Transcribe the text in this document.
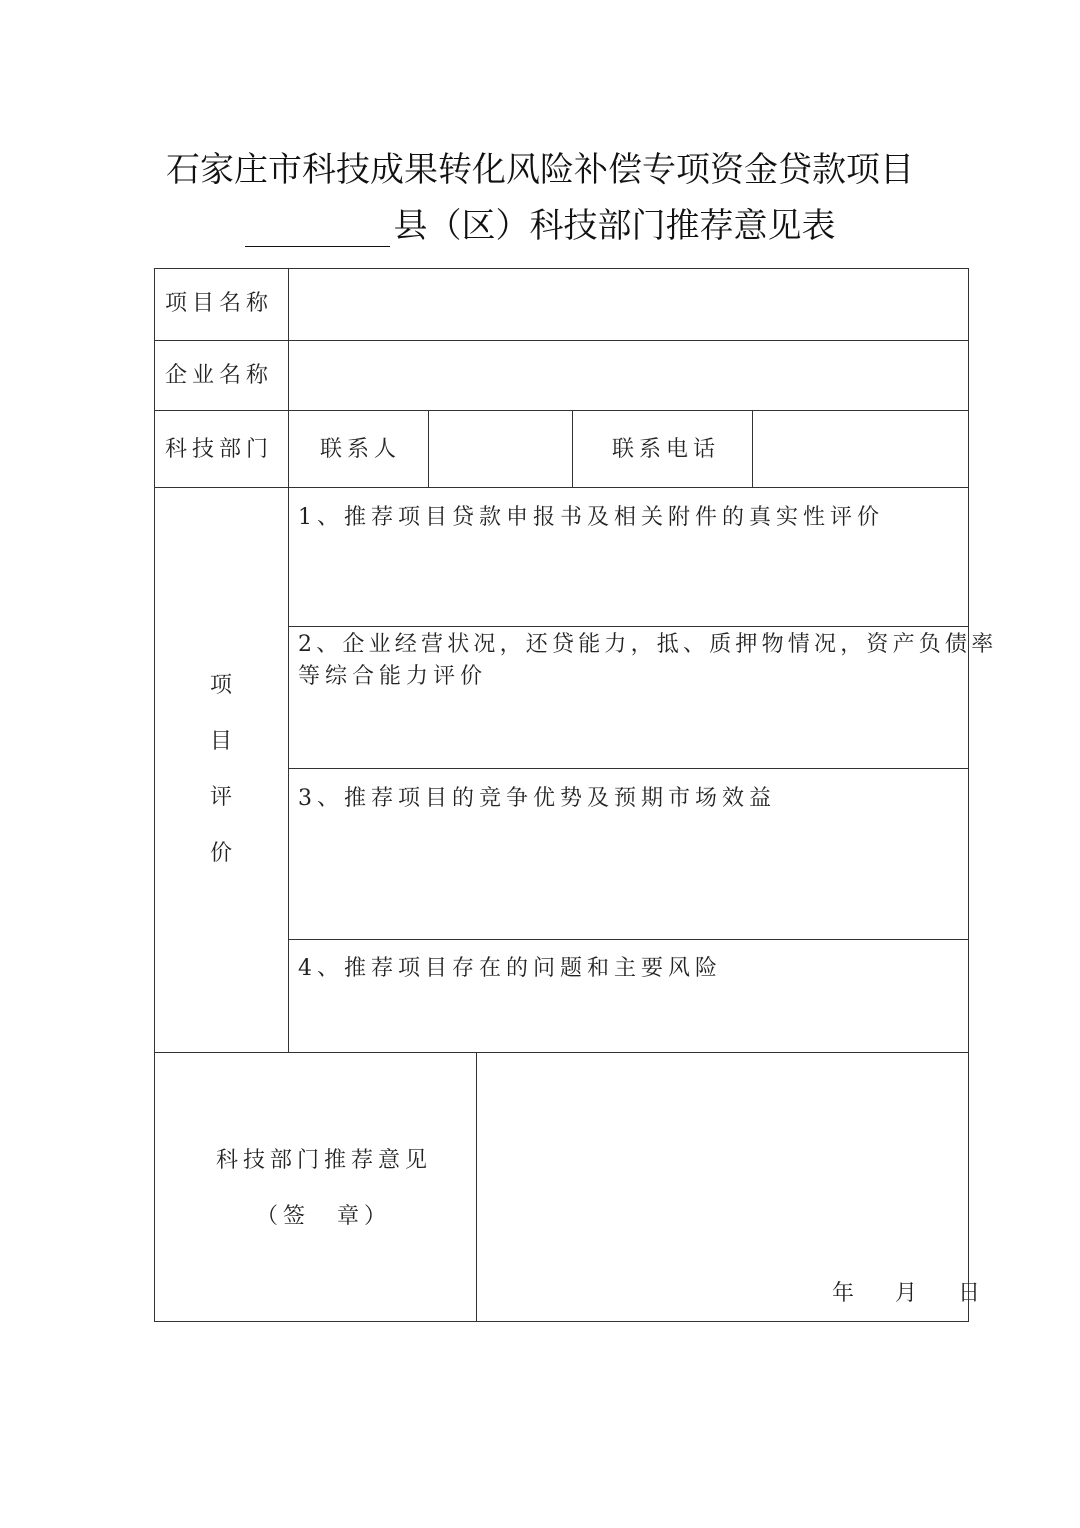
石家庄市科技成果转化风险补偿专项资金贷款项目
县（区）科技部门推荐意见表
项目名称
企业名称
科技部门 联系人	联系电话
项
目
评
价
1、推荐项目贷款申报书及相关附件的真实性评价
2、企业经营状况，还贷能力，抵、质押物情况，资产负债率
等综合能力评价
3、推荐项目的竞争优势及预期市场效益
4、推荐项目存在的问题和主要风险
科技部门推荐意见
（签　章）
年　 月　 日
